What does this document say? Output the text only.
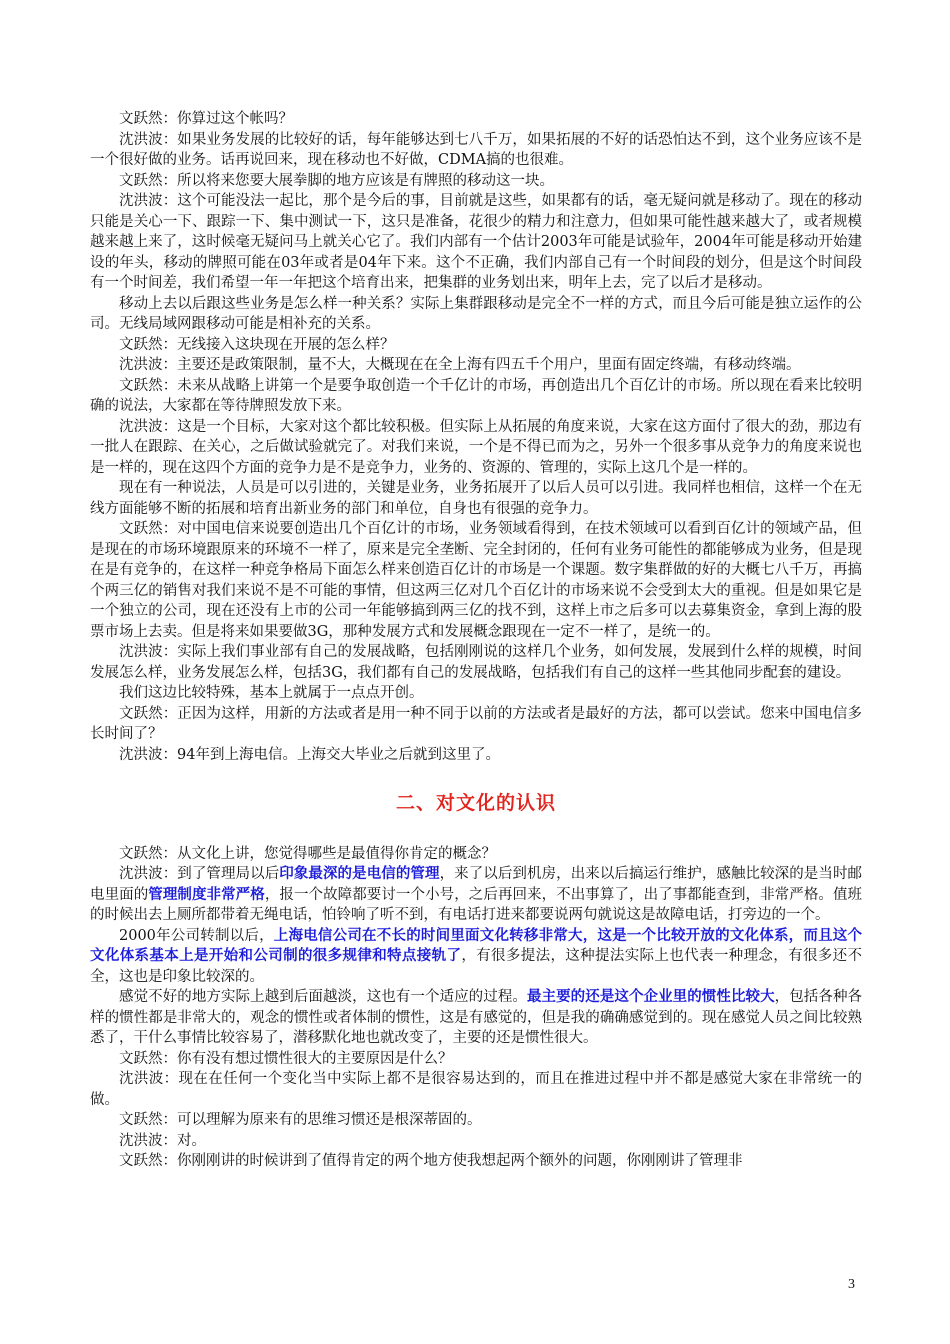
文跃然：你算过这个帐吗？

沈洪波：如果业务发展的比较好的话，每年能够达到七八千万，如果拓展的不好的话恐怕达不到，这个业务应该不是一个很好做的业务。话再说回来，现在移动也不好做，CDMA搞的也很难。

文跃然：所以将来您要大展拳脚的地方应该是有牌照的移动这一块。

沈洪波：这个可能没法一起比，那个是今后的事，目前就是这些，如果都有的话，毫无疑问就是移动了。现在的移动只能是关心一下、跟踪一下、集中测试一下，这只是准备，花很少的精力和注意力，但如果可能性越来越大了，或者规模越来越上来了，这时候毫无疑问马上就关心它了。我们内部有一个估计2003年可能是试验年，2004年可能是移动开始建设的年头，移动的牌照可能在03年或者是04年下来。这个不正确，我们内部自己有一个时间段的划分，但是这个时间段有一个时间差，我们希望一年一年把这个培育出来，把集群的业务划出来，明年上去，完了以后才是移动。

移动上去以后跟这些业务是怎么样一种关系？实际上集群跟移动是完全不一样的方式，而且今后可能是独立运作的公司。无线局域网跟移动可能是相补充的关系。

文跃然：无线接入这块现在开展的怎么样？

沈洪波：主要还是政策限制，量不大，大概现在在全上海有四五千个用户，里面有固定终端，有移动终端。

文跃然：未来从战略上讲第一个是要争取创造一个千亿计的市场，再创造出几个百亿计的市场。所以现在看来比较明确的说法，大家都在等待牌照发放下来。

沈洪波：这是一个目标，大家对这个都比较积极。但实际上从拓展的角度来说，大家在这方面付了很大的劲，那边有一批人在跟踪、在关心，之后做试验就完了。对我们来说，一个是不得已而为之，另外一个很多事从竞争力的角度来说也是一样的，现在这四个方面的竞争力是不是竞争力，业务的、资源的、管理的，实际上这几个是一样的。

现在有一种说法，人员是可以引进的，关键是业务，业务拓展开了以后人员可以引进。我同样也相信，这样一个在无线方面能够不断的拓展和培育出新业务的部门和单位，自身也有很强的竞争力。

文跃然：对中国电信来说要创造出几个百亿计的市场，业务领域看得到，在技术领域可以看到百亿计的领域产品，但是现在的市场环境跟原来的环境不一样了，原来是完全垄断、完全封闭的，任何有业务可能性的都能够成为业务，但是现在是有竞争的，在这样一种竞争格局下面怎么样来创造百亿计的市场是一个课题。数字集群做的好的大概七八千万，再搞个两三亿的销售对我们来说不是不可能的事情，但这两三亿对几个百亿计的市场来说不会受到太大的重视。但是如果它是一个独立的公司，现在还没有上市的公司一年能够搞到两三亿的找不到，这样上市之后多可以去募集资金，拿到上海的股票市场上去卖。但是将来如果要做3G，那种发展方式和发展概念跟现在一定不一样了，是统一的。

沈洪波：实际上我们事业部有自己的发展战略，包括刚刚说的这样几个业务，如何发展，发展到什么样的规模，时间发展怎么样，业务发展怎么样，包括3G，我们都有自己的发展战略，包括我们有自己的这样一些其他同步配套的建设。

我们这边比较特殊，基本上就属于一点点开创。

文跃然：正因为这样，用新的方法或者是用一种不同于以前的方法或者是最好的方法，都可以尝试。您来中国电信多长时间了？

沈洪波：94年到上海电信。上海交大毕业之后就到这里了。

二、对文化的认识

文跃然：从文化上讲，您觉得哪些是最值得你肯定的概念？

沈洪波：到了管理局以后印象最深的是电信的管理，来了以后到机房，出来以后搞运行维护，感触比较深的是当时邮电里面的管理制度非常严格，报一个故障都要讨一个小号，之后再回来，不出事算了，出了事都能查到，非常严格。值班的时候出去上厕所都带着无绳电话，怕铃响了听不到，有电话打进来都要说两句就说这是故障电话，打旁边的一个。

2000年公司转制以后，上海电信公司在不长的时间里面文化转移非常大，这是一个比较开放的文化体系，而且这个文化体系基本上是开始和公司制的很多规律和特点接轨了，有很多提法，这种提法实际上也代表一种理念，有很多还不全，这也是印象比较深的。

感觉不好的地方实际上越到后面越淡，这也有一个适应的过程。最主要的还是这个企业里的惯性比较大，包括各种各样的惯性都是非常大的，观念的惯性或者体制的惯性，这是有感觉的，但是我的确确感觉到的。现在感觉人员之间比较熟悉了，干什么事情比较容易了，潜移默化地也就改变了，主要的还是惯性很大。

文跃然：你有没有想过惯性很大的主要原因是什么？

沈洪波：现在在任何一个变化当中实际上都不是很容易达到的，而且在推进过程中并不都是感觉大家在非常统一的做。

文跃然：可以理解为原来有的思维习惯还是根深蒂固的。

沈洪波：对。

文跃然：你刚刚讲的时候讲到了值得肯定的两个地方使我想起两个额外的问题，你刚刚讲了管理非

3
